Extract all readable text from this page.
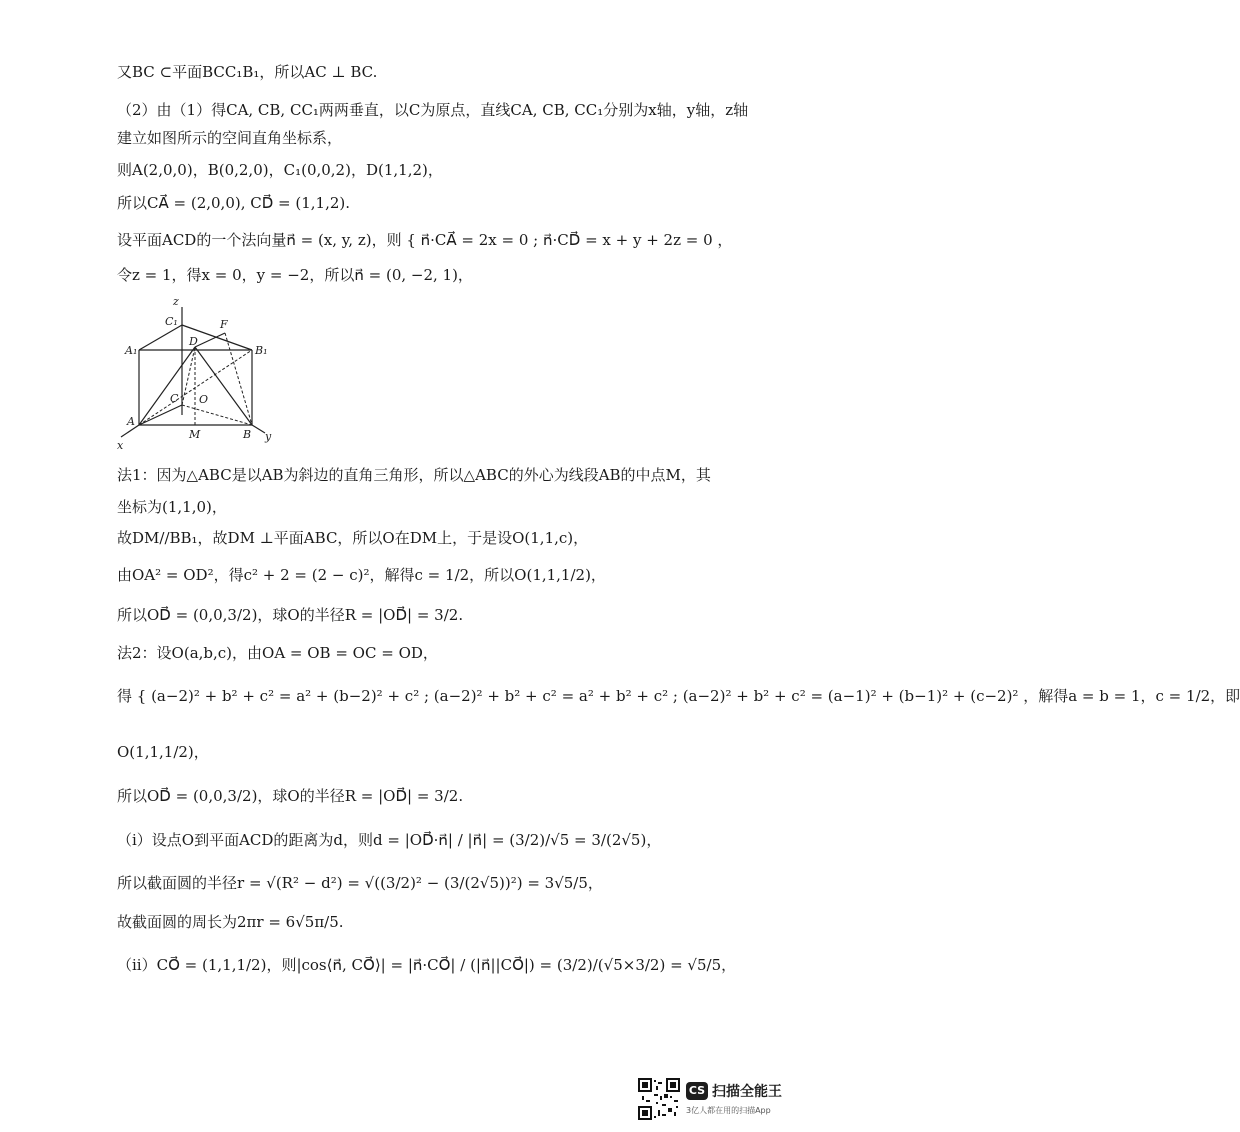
又BC ⊂平面BCC₁B₁，所以AC ⊥ BC.
（2）由（1）得CA, CB, CC₁两两垂直，以C为原点，直线CA, CB, CC₁分别为x轴，y轴，z轴
建立如图所示的空间直角坐标系，
则A(2,0,0)，B(0,2,0)，C₁(0,0,2)，D(1,1,2)，
所以CA⃗ = (2,0,0), CD⃗ = (1,1,2).
设平面ACD的一个法向量n⃗ = (x, y, z)，则 { n⃗·CA⃗ = 2x = 0 ; n⃗·CD⃗ = x + y + 2z = 0 ，
令z = 1，得x = 0，y = −2，所以n⃗ = (0, −2, 1)，
z
C₁	F
A₁
D
B₁
C O
A
M	B
x
y
法1：因为△ABC是以AB为斜边的直角三角形，所以△ABC的外心为线段AB的中点M，其
坐标为(1,1,0)，
故DM//BB₁，故DM ⊥平面ABC，所以O在DM上，于是设O(1,1,c)，
由OA² = OD²，得c² + 2 = (2 − c)²，解得c = 1/2，所以O(1,1,1/2)，
所以OD⃗ = (0,0,3/2)，球O的半径R = |OD⃗| = 3/2.
法2：设O(a,b,c)，由OA = OB = OC = OD，
得 { (a−2)² + b² + c² = a² + (b−2)² + c² ; (a−2)² + b² + c² = a² + b² + c² ; (a−2)² + b² + c² = (a−1)² + (b−1)² + (c−2)² ，解得a = b = 1，c = 1/2，即
O(1,1,1/2)，
所以OD⃗ = (0,0,3/2)，球O的半径R = |OD⃗| = 3/2.
（i）设点O到平面ACD的距离为d，则d = |OD⃗·n⃗| / |n⃗| = (3/2)/√5 = 3/(2√5)，
所以截面圆的半径r = √(R² − d²) = √((3/2)² − (3/(2√5))²) = 3√5/5，
故截面圆的周长为2πr = 6√5π/5.
（ii）CO⃗ = (1,1,1/2)，则|cos⟨n⃗, CO⃗⟩| = |n⃗·CO⃗| / (|n⃗||CO⃗|) = (3/2)/(√5×3/2) = √5/5，
CS 扫描全能王
3亿人都在用的扫描App
